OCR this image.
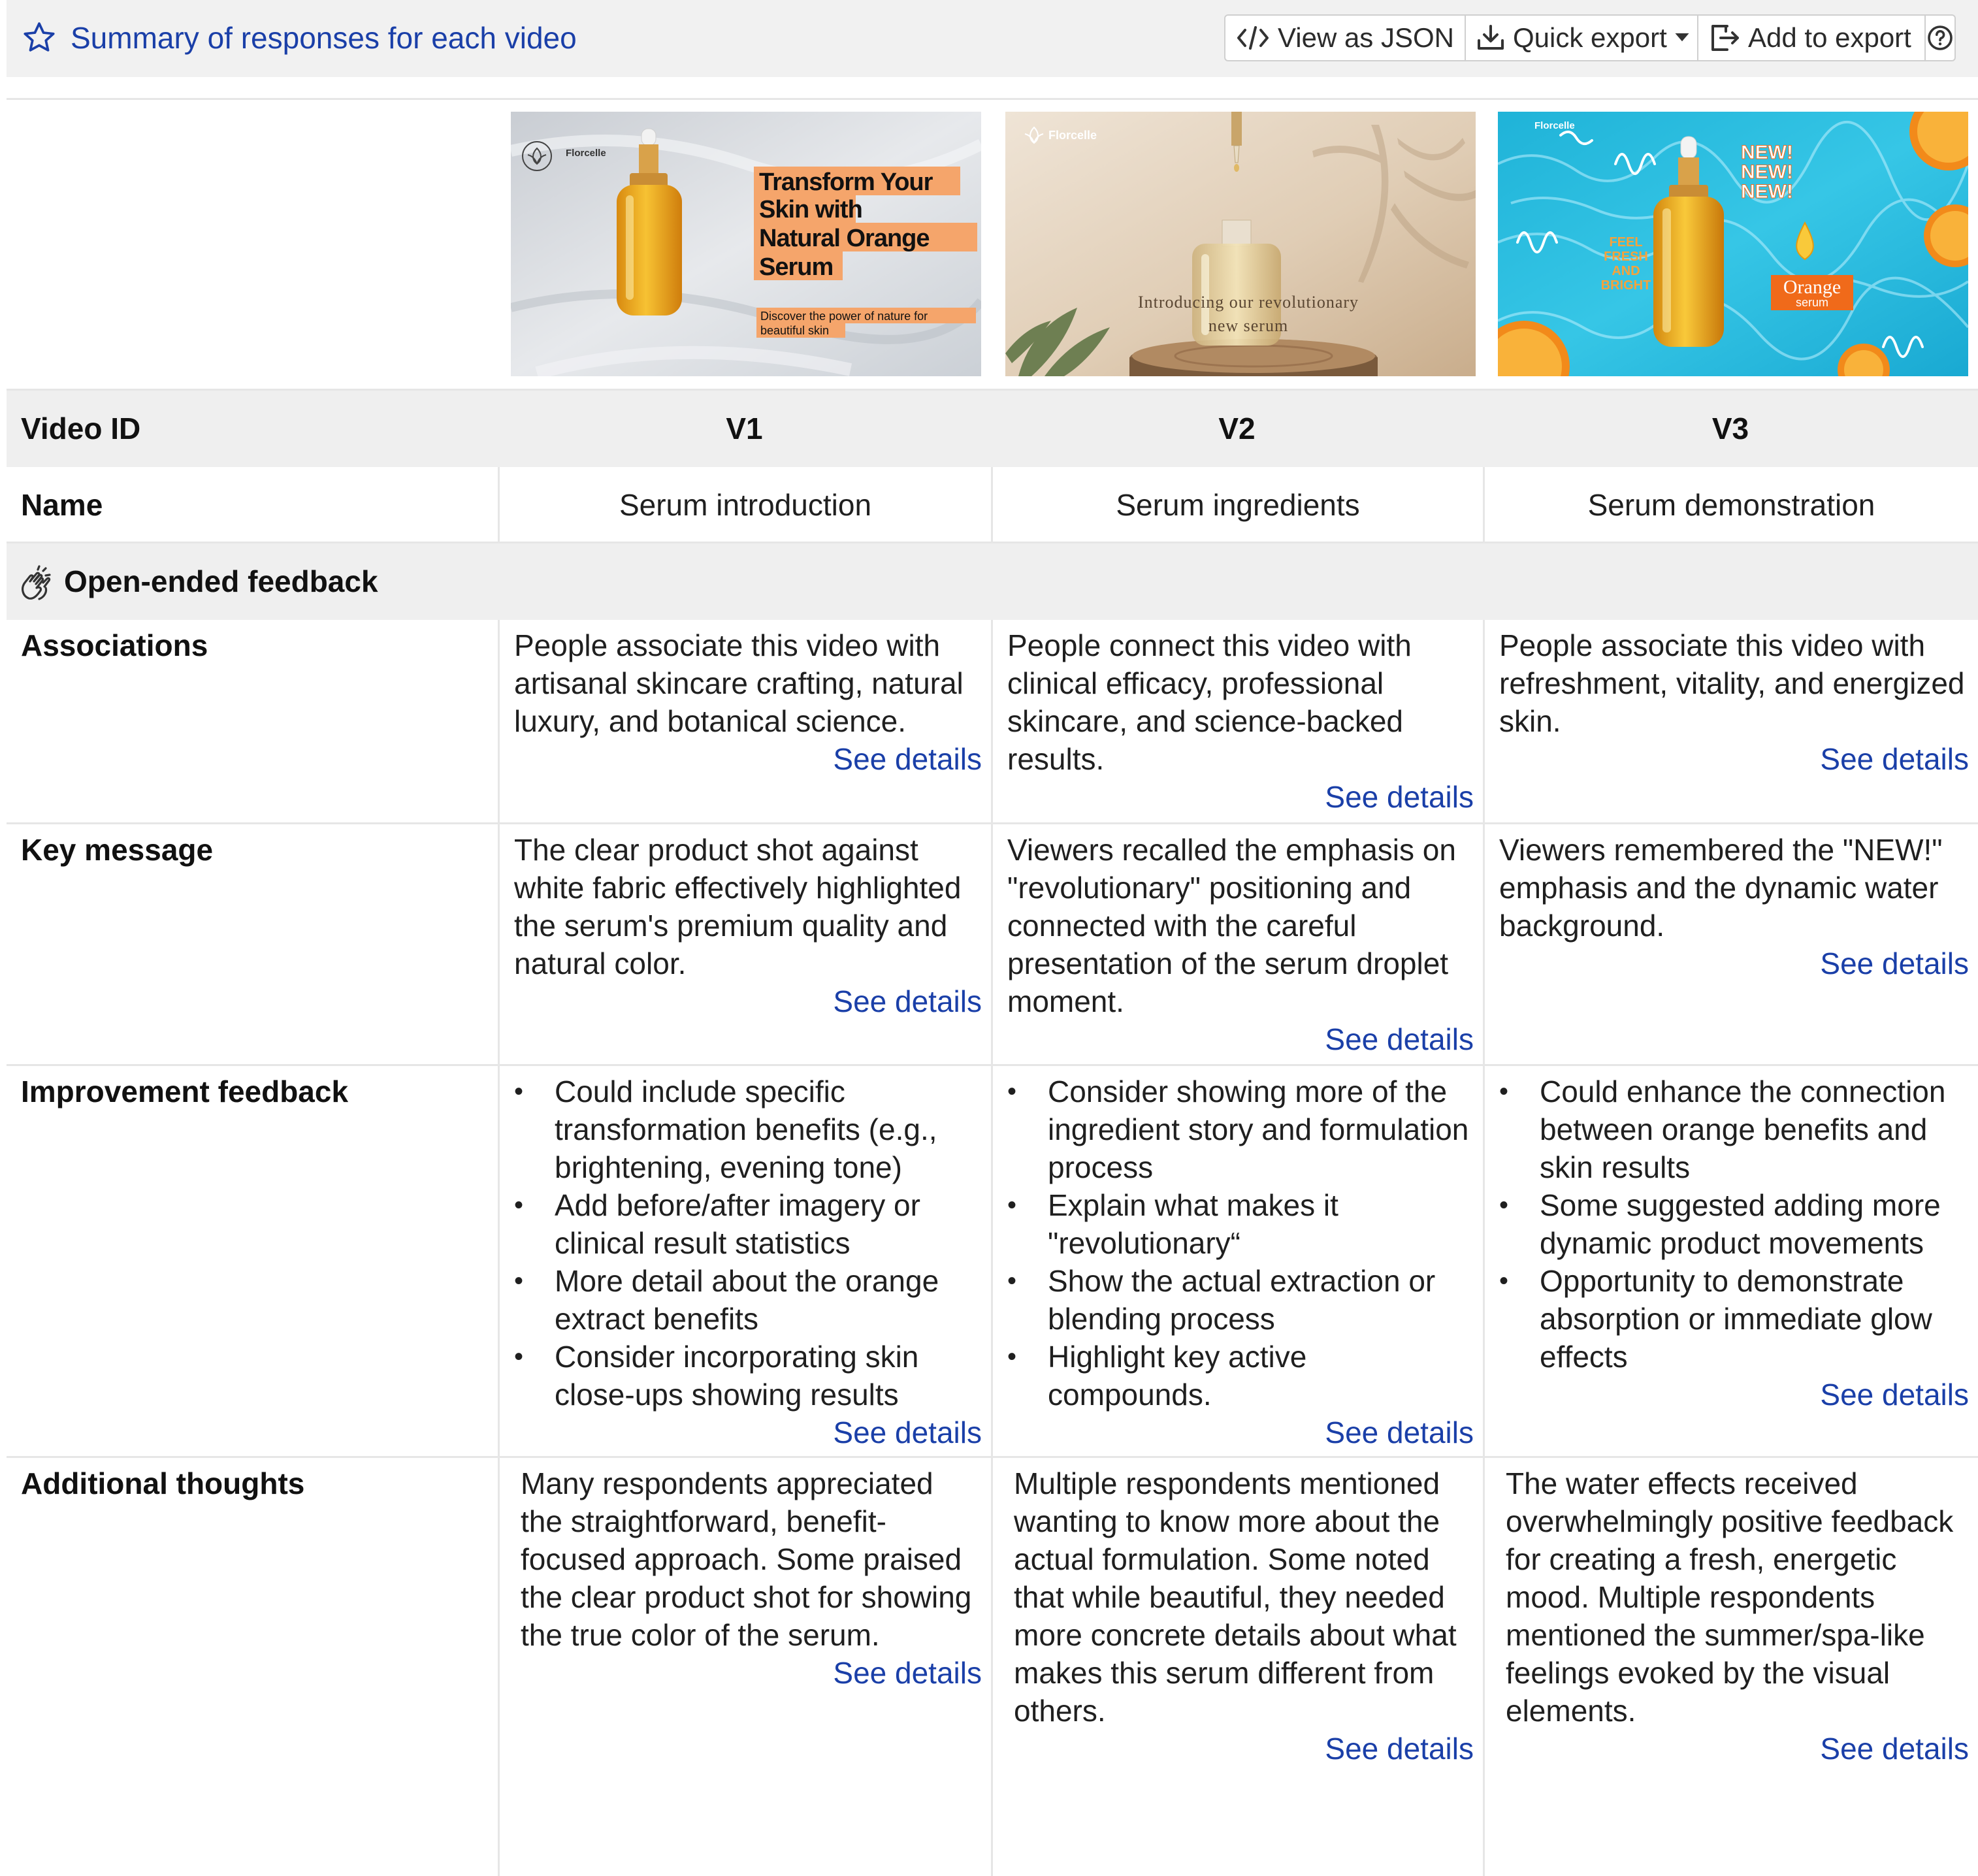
Summary of responses for each video	View as JSON Quick export	Add to export
Florcelle
Transform Your
Skin with
Natural Orange
Serum
Discover the power of nature for
beautiful skin
Florcelle
Introducing our revolutionary
new serum
Florcelle
NEW!
NEW!
NEW!
FEEL
FRESH
AND
BRIGHT	Orange
serum
Video ID	V1	V2	V3
Name	Serum introduction	Serum ingredients	Serum demonstration
Open-ended feedback
Associations	People associate this video with artisanal skincare crafting, natural luxury, and botanical science.

See details

People connect this video with clinical efficacy, professional skincare, and science-backed results.

See details

People associate this video with refreshment, vitality, and energized skin.

See details
Key message	The clear product shot against white fabric effectively highlighted the serum's premium quality and natural color.

See details

Viewers recalled the emphasis on "revolutionary" positioning and connected with the careful presentation of the serum droplet moment.

See details

Viewers remembered the "NEW!" emphasis and the dynamic water background.

See details
Improvement feedback
•	Could include specific transformation benefits (e.g., brightening, evening tone)
• Add before/after imagery or clinical result statistics
• More detail about the orange extract benefits
• Consider incorporating skin close-ups showing results
See details
• Consider showing more of the ingredient story and formulation process
• Explain what makes it "revolutionary“
• Show the actual extraction or blending process
• Highlight key active compounds.
See details
• Could enhance the connection between orange benefits and skin results
• Some suggested adding more dynamic product movements
• Opportunity to demonstrate absorption or immediate glow effects
See details
Additional thoughts	Many respondents appreciated the straightforward, benefit-focused approach. Some praised the clear product shot for showing the true color of the serum.

See details

Multiple respondents mentioned wanting to know more about the actual formulation. Some noted that while beautiful, they needed more concrete details about what makes this serum different from others.

See details

The water effects received overwhelmingly positive feedback for creating a fresh, energetic mood. Multiple respondents mentioned the summer/spa-like feelings evoked by the visual elements.

See details
